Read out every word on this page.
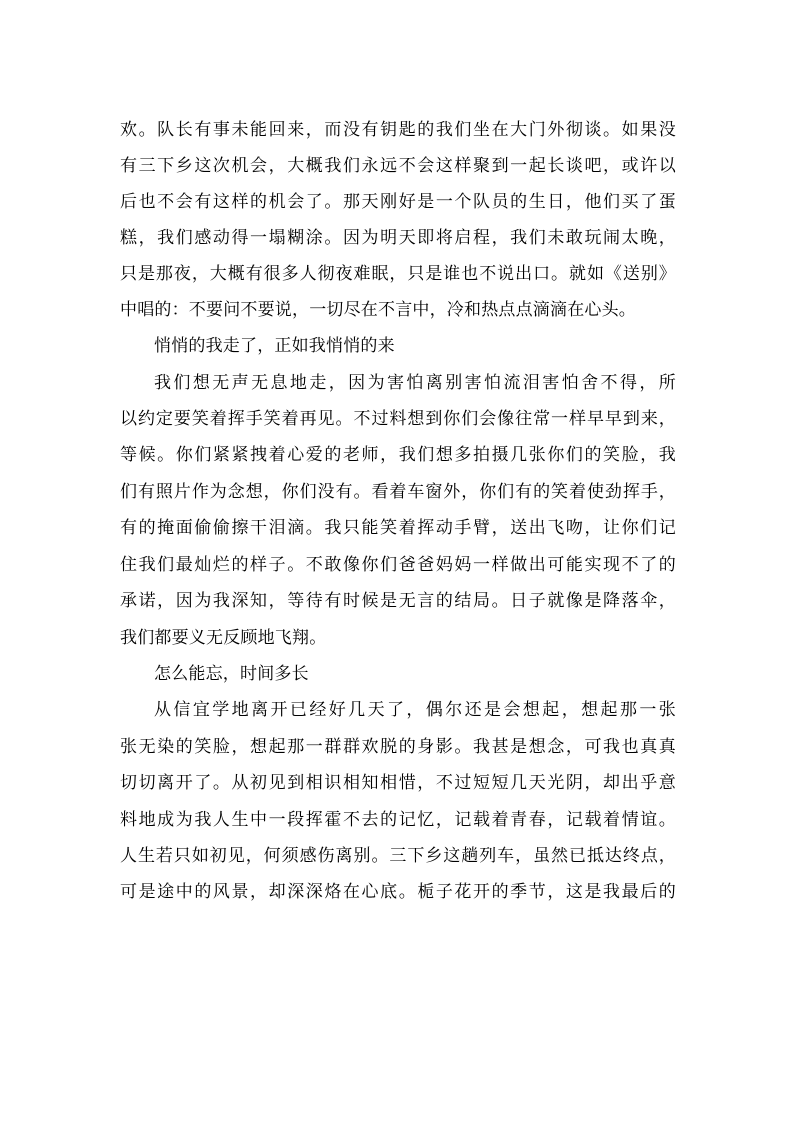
欢。队长有事未能回来，而没有钥匙的我们坐在大门外彻谈。如果没
有三下乡这次机会，大概我们永远不会这样聚到一起长谈吧，或许以
后也不会有这样的机会了。那天刚好是一个队员的生日，他们买了蛋
糕，我们感动得一塌糊涂。因为明天即将启程，我们未敢玩闹太晚，
只是那夜，大概有很多人彻夜难眠，只是谁也不说出口。就如《送别》
中唱的：不要问不要说，一切尽在不言中，冷和热点点滴滴在心头。
悄悄的我走了，正如我悄悄的来
我们想无声无息地走，因为害怕离别害怕流泪害怕舍不得，所
以约定要笑着挥手笑着再见。不过料想到你们会像往常一样早早到来，
等候。你们紧紧拽着心爱的老师，我们想多拍摄几张你们的笑脸，我
们有照片作为念想，你们没有。看着车窗外，你们有的笑着使劲挥手，
有的掩面偷偷擦干泪滴。我只能笑着挥动手臂，送出飞吻，让你们记
住我们最灿烂的样子。不敢像你们爸爸妈妈一样做出可能实现不了的
承诺，因为我深知，等待有时候是无言的结局。日子就像是降落伞，
我们都要义无反顾地飞翔。
怎么能忘，时间多长
从信宜学地离开已经好几天了，偶尔还是会想起，想起那一张
张无染的笑脸，想起那一群群欢脱的身影。我甚是想念，可我也真真
切切离开了。从初见到相识相知相惜，不过短短几天光阴，却出乎意
料地成为我人生中一段挥霍不去的记忆，记载着青春，记载着情谊。
人生若只如初见，何须感伤离别。三下乡这趟列车，虽然已抵达终点，
可是途中的风景，却深深烙在心底。栀子花开的季节，这是我最后的
